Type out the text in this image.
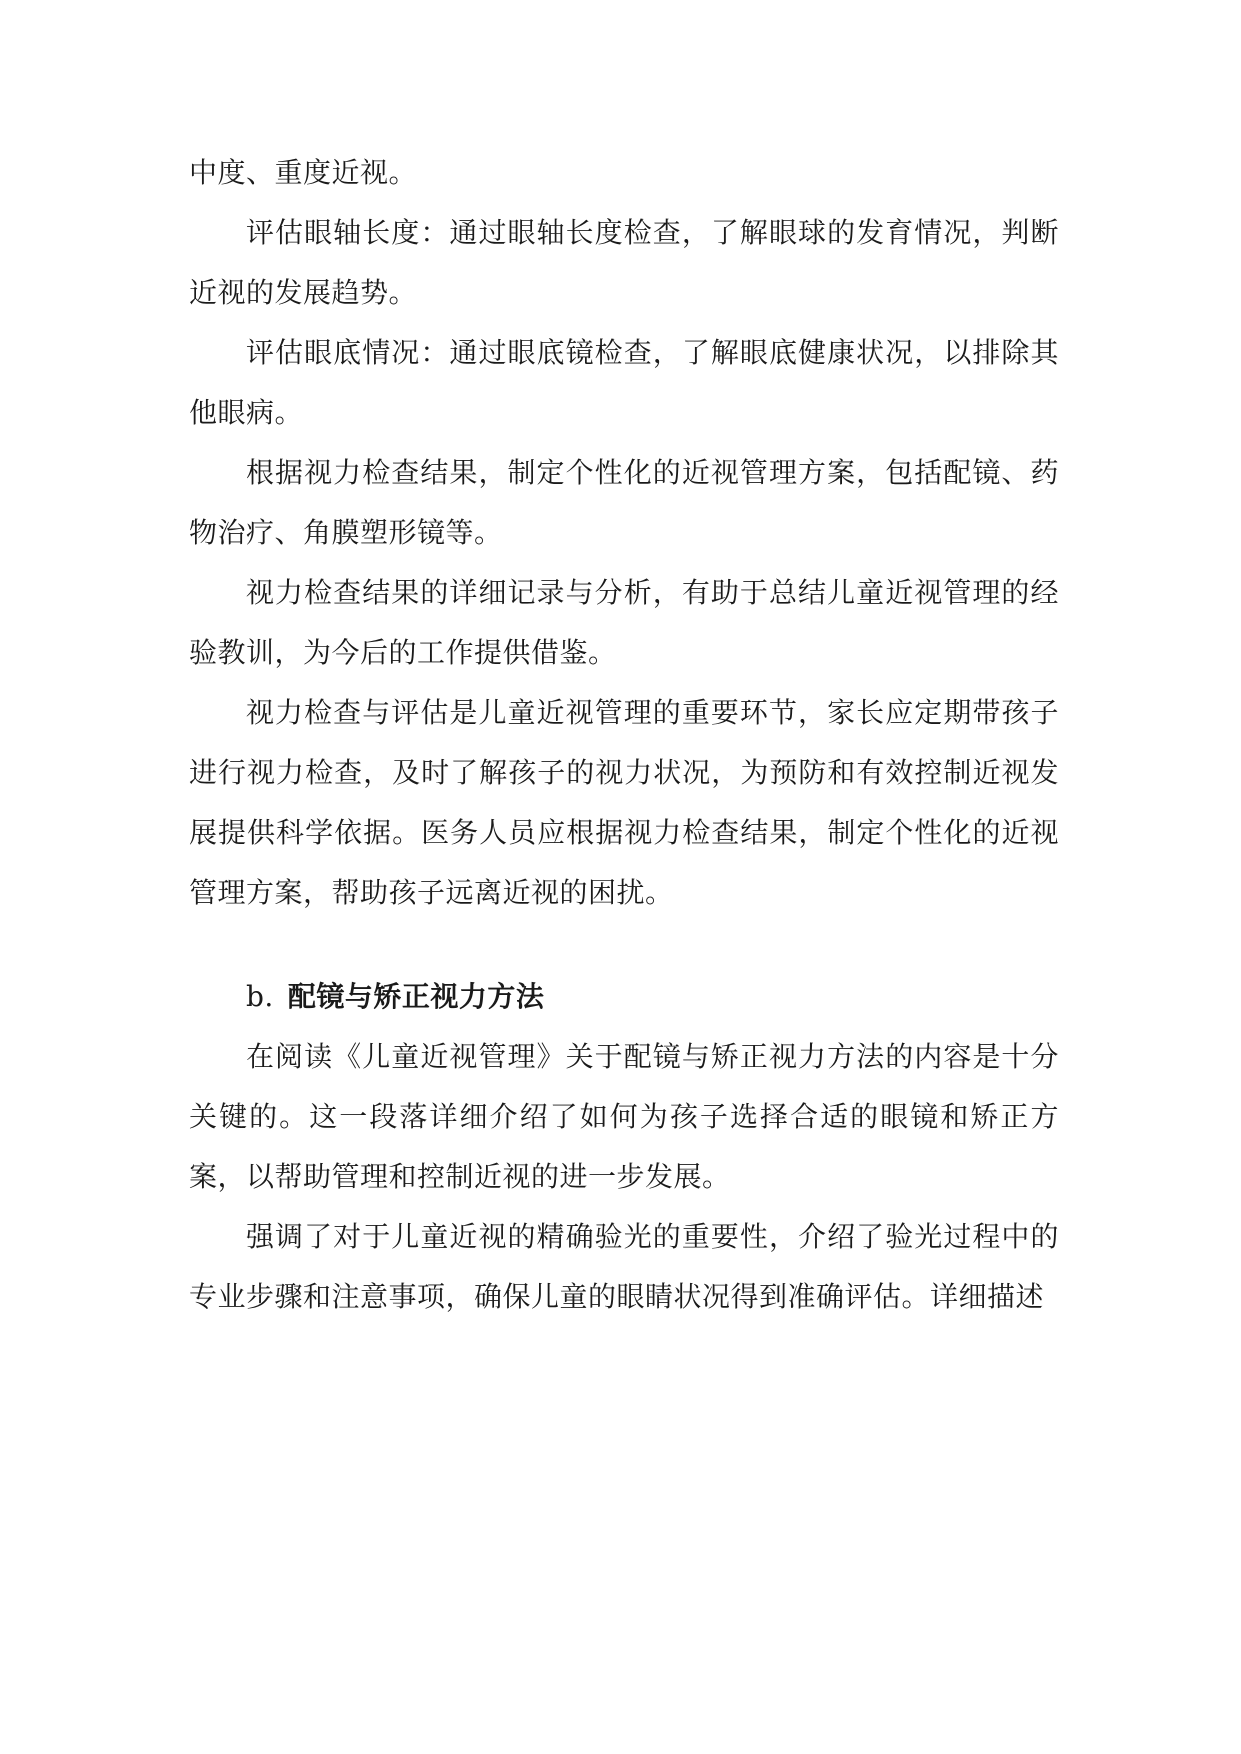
中度、重度近视。

评估眼轴长度：通过眼轴长度检查，了解眼球的发育情况，判断近视的发展趋势。

评估眼底情况：通过眼底镜检查，了解眼底健康状况，以排除其他眼病。

根据视力检查结果，制定个性化的近视管理方案，包括配镜、药物治疗、角膜塑形镜等。

视力检查结果的详细记录与分析，有助于总结儿童近视管理的经验教训，为今后的工作提供借鉴。

视力检查与评估是儿童近视管理的重要环节，家长应定期带孩子进行视力检查，及时了解孩子的视力状况，为预防和有效控制近视发展提供科学依据。医务人员应根据视力检查结果，制定个性化的近视管理方案，帮助孩子远离近视的困扰。

b. 配镜与矫正视力方法

在阅读《儿童近视管理》关于配镜与矫正视力方法的内容是十分关键的。这一段落详细介绍了如何为孩子选择合适的眼镜和矫正方案，以帮助管理和控制近视的进一步发展。

强调了对于儿童近视的精确验光的重要性，介绍了验光过程中的专业步骤和注意事项，确保儿童的眼睛状况得到准确评估。详细描述
